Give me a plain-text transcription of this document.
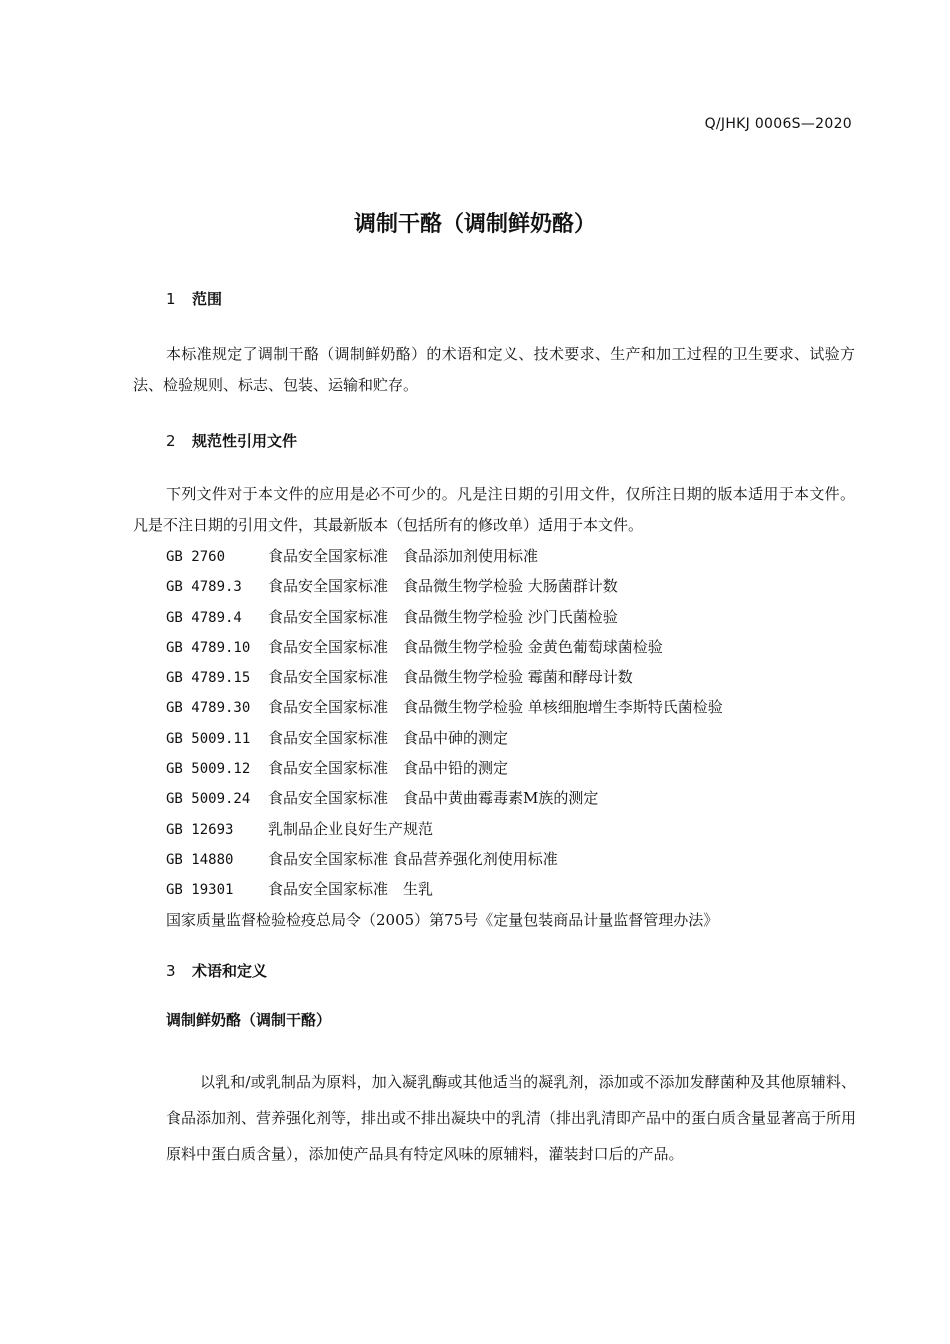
Q/JHKJ 0006S—2020
调制干酪（调制鲜奶酪）
1 范围

本标准规定了调制干酪（调制鲜奶酪）的术语和定义、技术要求、生产和加工过程的卫生要求、试验方法、检验规则、标志、包装、运输和贮存。

2 规范性引用文件

下列文件对于本文件的应用是必不可少的。凡是注日期的引用文件，仅所注日期的版本适用于本文件。凡是不注日期的引用文件，其最新版本（包括所有的修改单）适用于本文件。

GB 2760	食品安全国家标准　食品添加剂使用标准
GB 4789.3 食品安全国家标准　食品微生物学检验 大肠菌群计数
GB 4789.4 食品安全国家标准　食品微生物学检验 沙门氏菌检验
GB 4789.10 食品安全国家标准　食品微生物学检验 金黄色葡萄球菌检验
GB 4789.15 食品安全国家标准　食品微生物学检验 霉菌和酵母计数
GB 4789.30 食品安全国家标准　食品微生物学检验 单核细胞增生李斯特氏菌检验
GB 5009.11 食品安全国家标准　食品中砷的测定
GB 5009.12 食品安全国家标准　食品中铅的测定
GB 5009.24 食品安全国家标准　食品中黄曲霉毒素M族的测定
GB 12693 乳制品企业良好生产规范
GB 14880 食品安全国家标准 食品营养强化剂使用标准
GB 19301 食品安全国家标准　生乳
国家质量监督检验检疫总局令（2005）第75号《定量包装商品计量监督管理办法》
3 术语和定义
调制鲜奶酪（调制干酪）

以乳和/或乳制品为原料，加入凝乳酶或其他适当的凝乳剂，添加或不添加发酵菌种及其他原辅料、食品添加剂、营养强化剂等，排出或不排出凝块中的乳清（排出乳清即产品中的蛋白质含量显著高于所用原料中蛋白质含量），添加使产品具有特定风味的原辅料，灌装封口后的产品。
